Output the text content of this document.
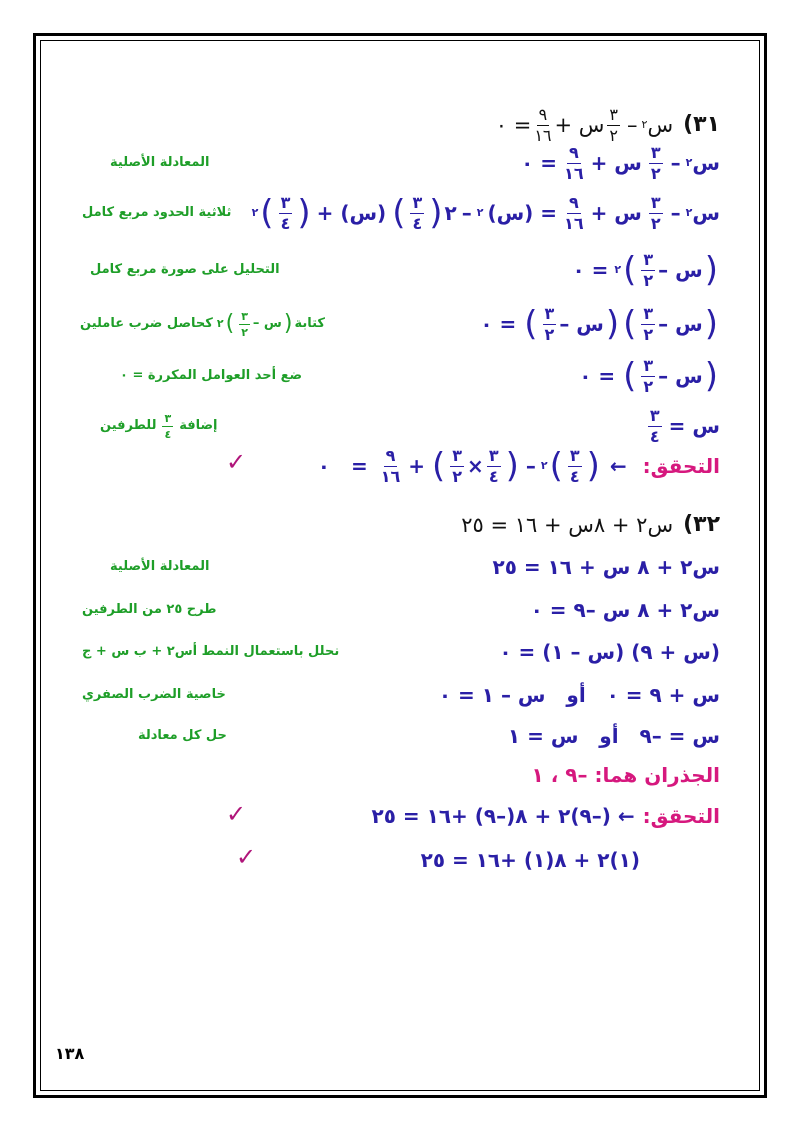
٣١)
س
٢
–
$\frac{٣}{٢}$
س +
$\frac{٩}{١٦}$
= ٠
س
٢
–
$\frac{٣}{٢}$
س +
$\frac{٩}{١٦}$
= ٠
المعادلة الأصلية
س
٢
–
$\frac{٣}{٢}$
س +
$\frac{٩}{١٦}$
= (س)
٢
–
٢
(
$\frac{٣}{٤}$
)
(س) +
(
$\frac{٣}{٤}$
)
٢
ثلاثية الحدود مربع كامل
(
س –
$\frac{٣}{٢}$
)
٢
= ٠
التحليل على صورة مربع كامل
(
س –
$\frac{٣}{٢}$
)
(
س –
$\frac{٣}{٢}$
)
= ٠
كتابة
(
س –
$\frac{٣}{٢}$
)
٢
كحاصل ضرب عاملين
(
س –
$\frac{٣}{٢}$
)
= ٠
ضع أحد العوامل المكررة = ٠
س =
$\frac{٣}{٤}$
إضافة
$\frac{٣}{٤}$
للطرفين
التحقق:
←
(
$\frac{٣}{٤}$
)
٢
–
(
$\frac{٣}{٤}$
×
$\frac{٣}{٢}$
)
+
$\frac{٩}{١٦}$
= ٠
✓
٣٢)
س٢ + ٨س + ١٦ = ٢٥
س٢ + ٨ س + ١٦ = ٢٥
المعادلة الأصلية
س٢ + ٨ س –٩ = ٠
طرح ٢٥ من الطرفين
(س + ٩) (س – ١) = ٠
نحلل باستعمال النمط أس٢ + ب س + ج
س + ٩ = ٠   أو   س – ١ = ٠
خاصية الضرب الصفري
س = –٩   أو   س = ١
حل كل معادلة
الجذران هما: –٩ ، ١
التحقق:
← (–٩)٢ + ٨(–٩) +١٦ = ٢٥
✓
(١)٢ + ٨(١) +١٦ = ٢٥
✓
١٣٨
